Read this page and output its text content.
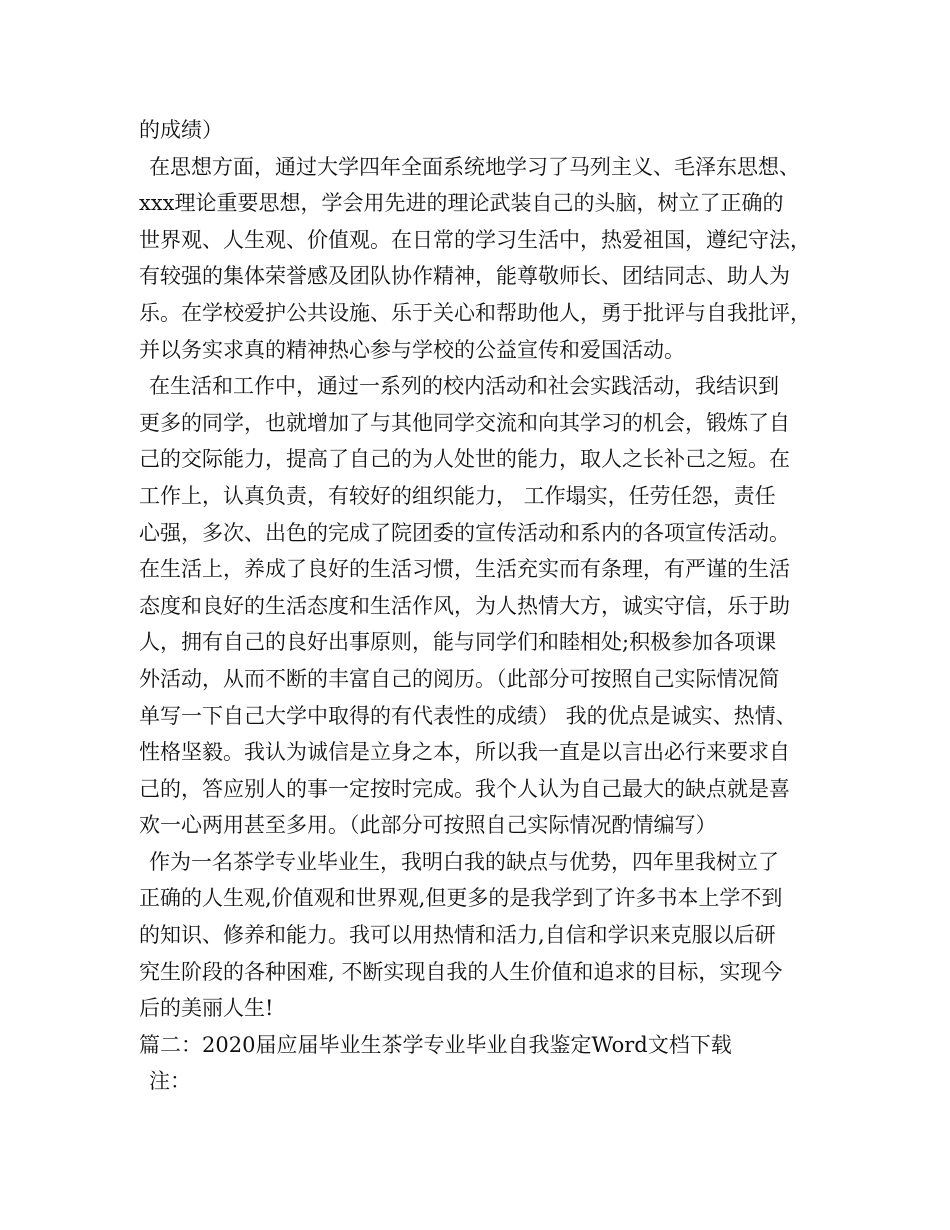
的成绩）
在思想方面，通过大学四年全面系统地学习了马列主义、毛泽东思想、
xxx理论重要思想，学会用先进的理论武装自己的头脑，树立了正确的
世界观、人生观、价值观。在日常的学习生活中，热爱祖国，遵纪守法，
有较强的集体荣誉感及团队协作精神，能尊敬师长、团结同志、助人为
乐。在学校爱护公共设施、乐于关心和帮助他人，勇于批评与自我批评，
并以务实求真的精神热心参与学校的公益宣传和爱国活动。
在生活和工作中，通过一系列的校内活动和社会实践活动，我结识到
更多的同学，也就增加了与其他同学交流和向其学习的机会，锻炼了自
己的交际能力，提高了自己的为人处世的能力，取人之长补己之短。在
工作上，认真负责，有较好的组织能力， 工作塌实，任劳任怨，责任
心强，多次、出色的完成了院团委的宣传活动和系内的各项宣传活动。
在生活上，养成了良好的生活习惯，生活充实而有条理，有严谨的生活
态度和良好的生活态度和生活作风，为人热情大方，诚实守信，乐于助
人，拥有自己的良好出事原则，能与同学们和睦相处;积极参加各项课
外活动，从而不断的丰富自己的阅历。（此部分可按照自己实际情况简
单写一下自己大学中取得的有代表性的成绩） 我的优点是诚实、热情、
性格坚毅。我认为诚信是立身之本，所以我一直是以言出必行来要求自
己的，答应别人的事一定按时完成。我个人认为自己最大的缺点就是喜
欢一心两用甚至多用。（此部分可按照自己实际情况酌情编写）
作为一名茶学专业毕业生，我明白我的缺点与优势，四年里我树立了
正确的人生观,价值观和世界观,但更多的是我学到了许多书本上学不到
的知识、修养和能力。我可以用热情和活力,自信和学识来克服以后研
究生阶段的各种困难, 不断实现自我的人生价值和追求的目标，实现今
后的美丽人生!
篇二：2020届应届毕业生茶学专业毕业自我鉴定Word文档下载
注：
